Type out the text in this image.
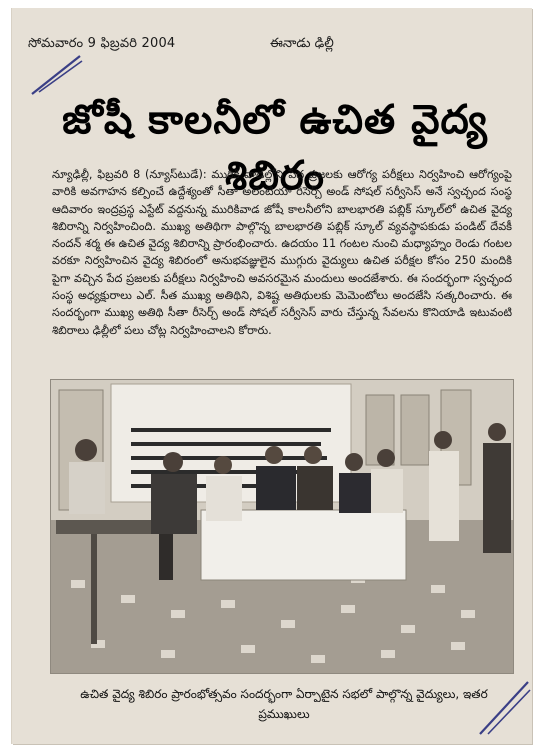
సోమవారం 9 ఫిబ్రవరి 2004	ఈనాడు ఢిల్లీ
జోషీ కాలనీలో ఉచిత వైద్య శిబిరం

న్యూఢిల్లీ, ఫిబ్రవరి 8 (న్యూస్‌టుడే): మురికి వాడల్లోని పేద ప్రజలకు ఆరోగ్య పరీక్షలు నిర్వహించి ఆరోగ్యంపై వారికి అవగాహన కల్పించే ఉద్దేశ్యంతో సీతా అలెంటియా రీసెర్చ్ అండ్ సోషల్ సర్వీసెస్ అనే స్వచ్ఛంద సంస్థ ఆదివారం ఇంద్రప్రస్థ ఎస్టేట్ వద్దనున్న మురికివాడ జోషీ కాలనీలోని బాలభారతి పబ్లిక్ స్కూల్‌లో ఉచిత వైద్య శిబిరాన్ని నిర్వహించింది. ముఖ్య అతిథిగా పాల్గొన్న బాలభారతి పబ్లిక్ స్కూల్ వ్యవస్థాపకుడు పండిట్ దేవకీ నందన్ శర్మ ఈ ఉచిత వైద్య శిబిరాన్ని ప్రారంభించారు. ఉదయం 11 గంటల నుంచి మధ్యాహ్నం రెండు గంటల వరకూ నిర్వహించిన వైద్య శిబిరంలో అనుభవజ్ఞులైన ముగ్గురు వైద్యులు ఉచిత పరీక్షల కోసం 250 మందికి పైగా వచ్చిన పేద ప్రజలకు పరీక్షలు నిర్వహించి అవసరమైన మందులు అందజేశారు. ఈ సందర్భంగా స్వచ్ఛంద సంస్థ అధ్యక్షురాలు ఎల్. సీత ముఖ్య అతిథిని, విశిష్ట అతిథులకు మెమెంటోలు అందజేసి సత్కరించారు. ఈ సందర్భంగా ముఖ్య అతిథి సీతా రీసెర్చ్ అండ్ సోషల్ సర్వీసెస్ వారు చేస్తున్న సేవలను కొనియాడి ఇటువంటి శిబిరాలు ఢిల్లీలో పలు చోట్ల నిర్వహించాలని కోరారు.

ఉచిత వైద్య శిబిరం ప్రారంభోత్సవం సందర్భంగా ఏర్పాటైన సభలో పాల్గొన్న వైద్యులు, ఇతర ప్రముఖులు
